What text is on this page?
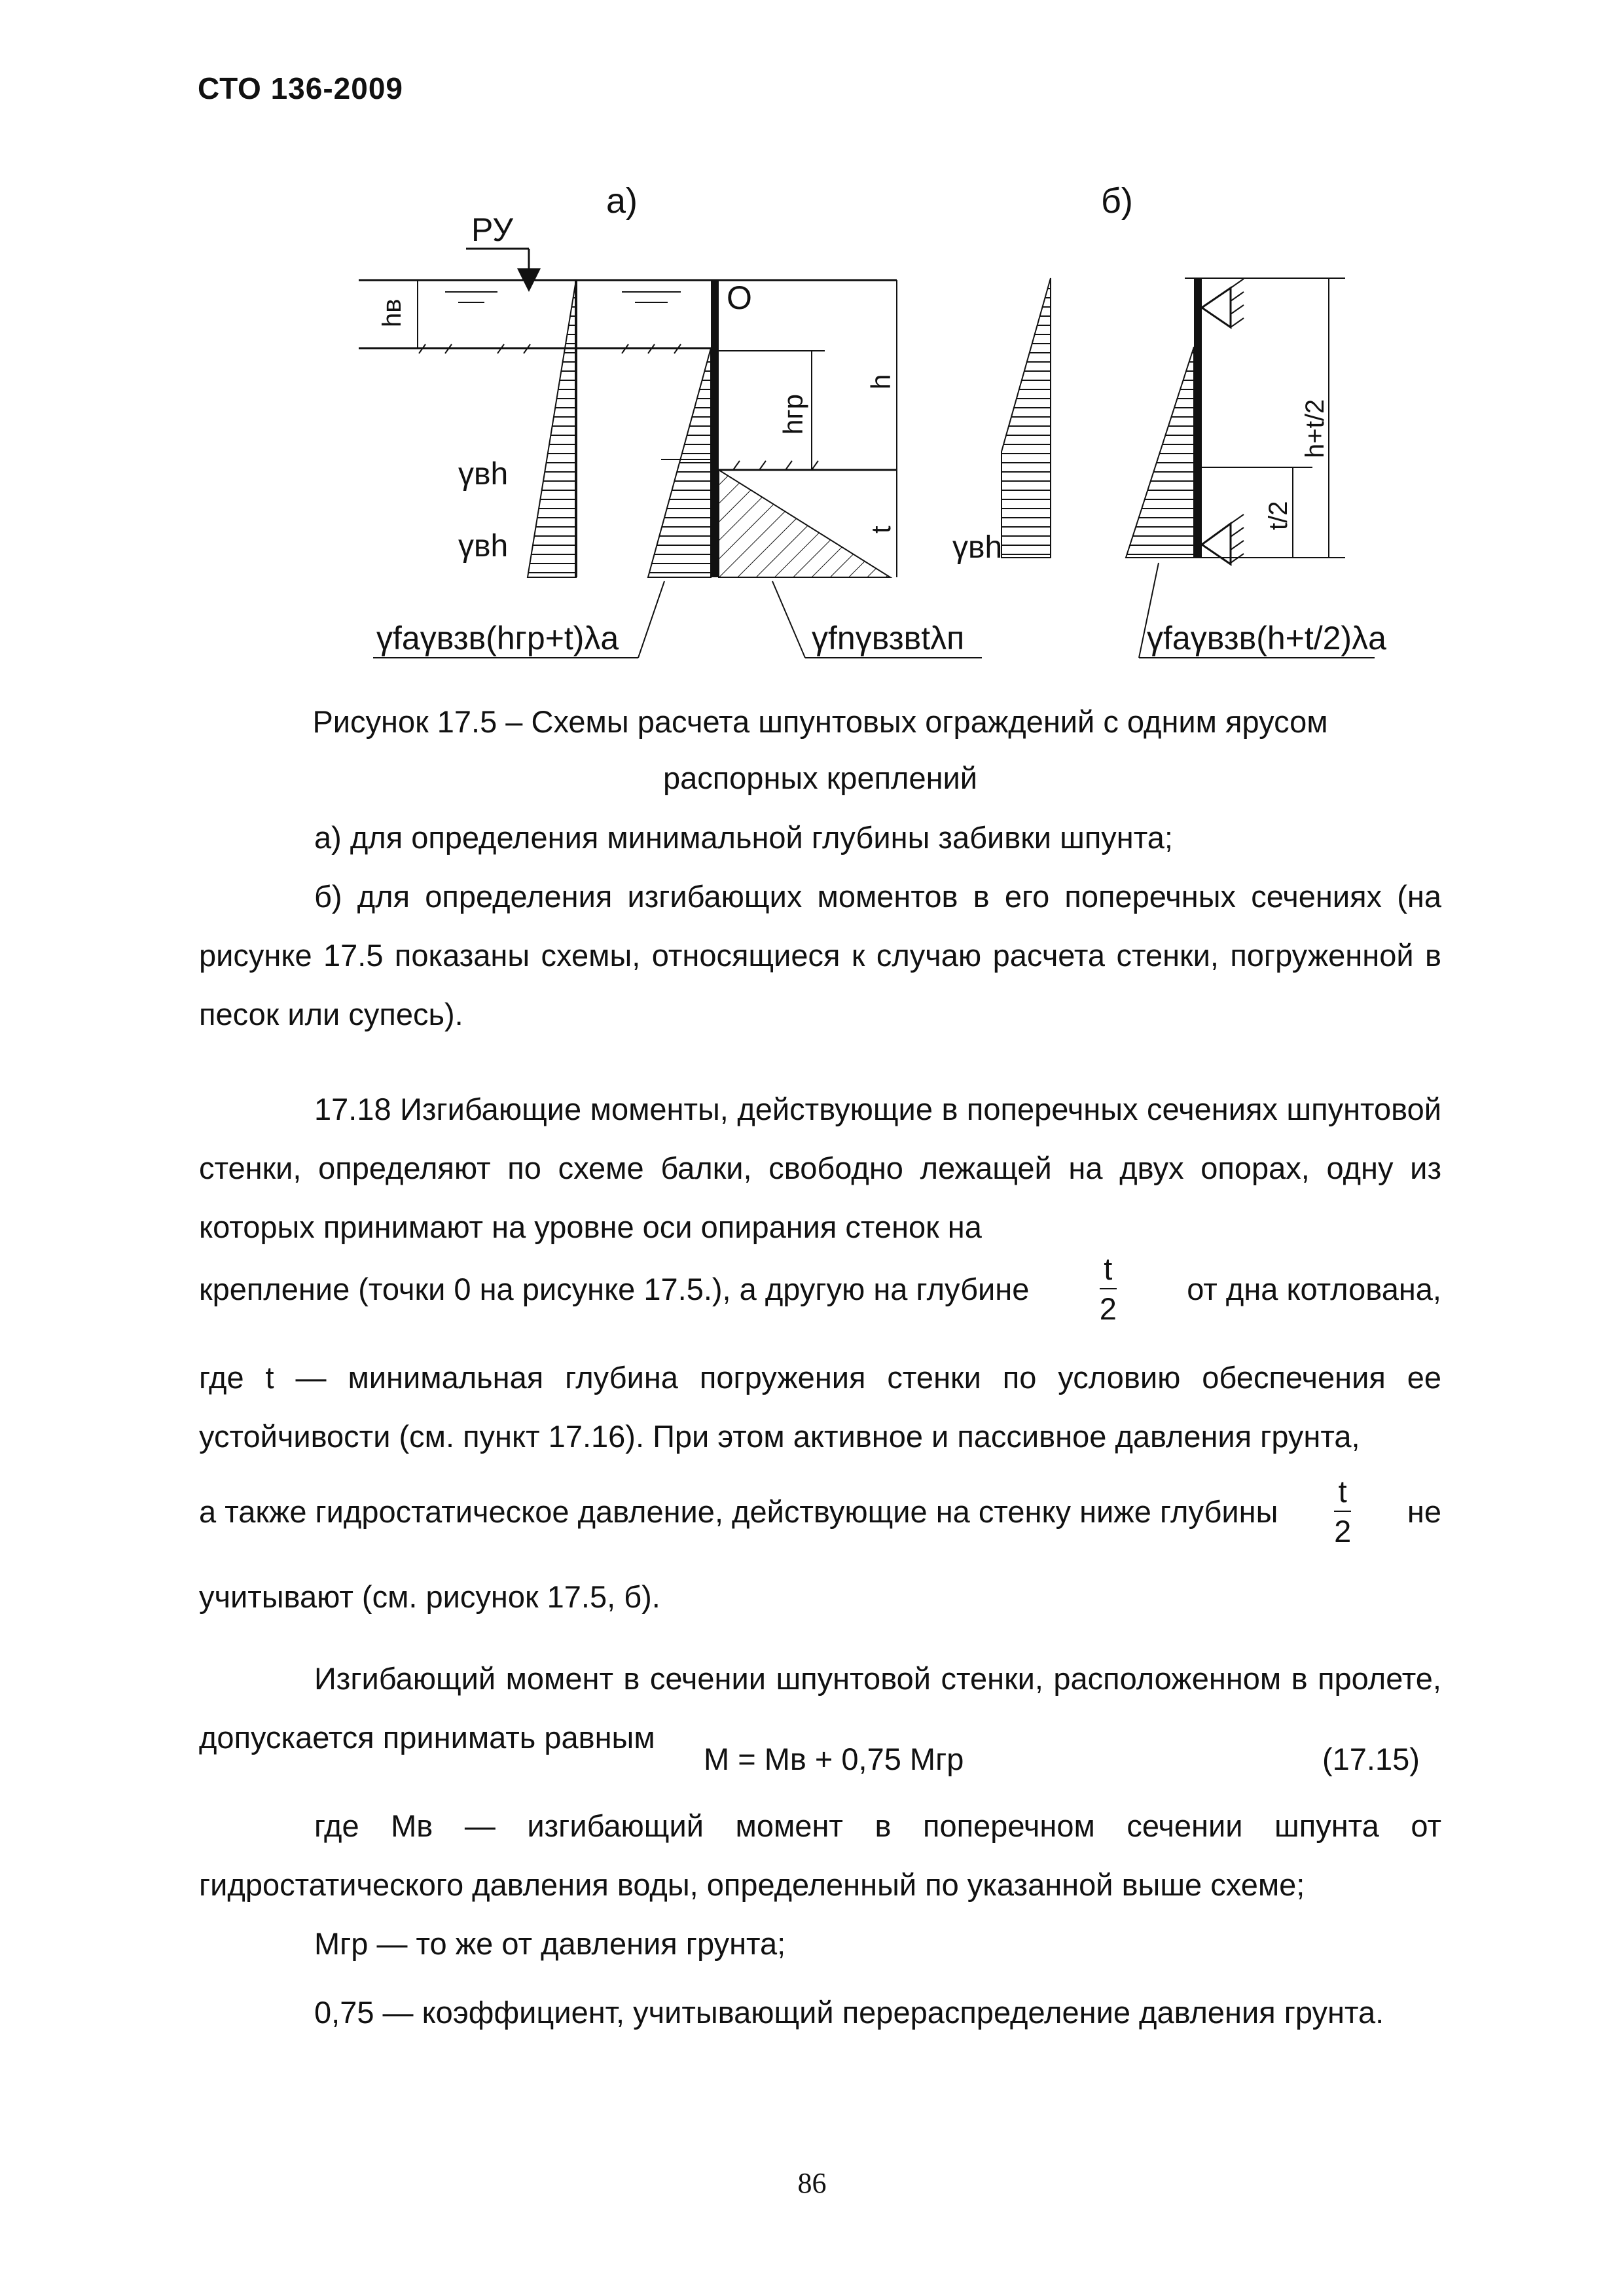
СТО 136-2009
а)
РУ
hв
γвh
γвh
О
hгр
h
t
γfaγвзв(hгр+t)λa	γfnγвзвtλп
б)
γвh
h+t/2
t/2
γfaγвзв(h+t/2)λa
Рисунок 17.5 – Схемы расчета шпунтовых ограждений с одним ярусом
распорных креплений
а) для определения минимальной глубины забивки шпунта;
б) для определения изгибающих моментов в его поперечных сечениях (на рисунке 17.5 показаны схемы, относящиеся к случаю расчета стенки, погруженной в песок или супесь).
17.18 Изгибающие моменты, действующие в поперечных сечениях шпунтовой стенки, определяют по схеме балки, свободно лежащей на двух опорах, одну из которых принимают на уровне оси опирания стенок на
крепление (точки 0 на рисунке 17.5.), а другую на глубине $\frac{t}{2}$ от дна котлована,
где t — минимальная глубина погружения стенки по условию обеспечения ее устойчивости (см. пункт 17.16). При этом активное и пассивное давления грунта,
а также гидростатическое давление, действующие на стенку ниже глубины $\frac{t}{2}$ не
учитывают (см. рисунок 17.5, б).
Изгибающий момент в сечении шпунтовой стенки, расположенном в пролете, допускается принимать равным
М = Мв + 0,75 Мгр	(17.15)
где Мв — изгибающий момент в поперечном сечении шпунта от гидростатического давления воды, определенный по указанной выше схеме;
Мгр — то же от давления грунта;
0,75 — коэффициент, учитывающий перераспределение давления грунта.
86
